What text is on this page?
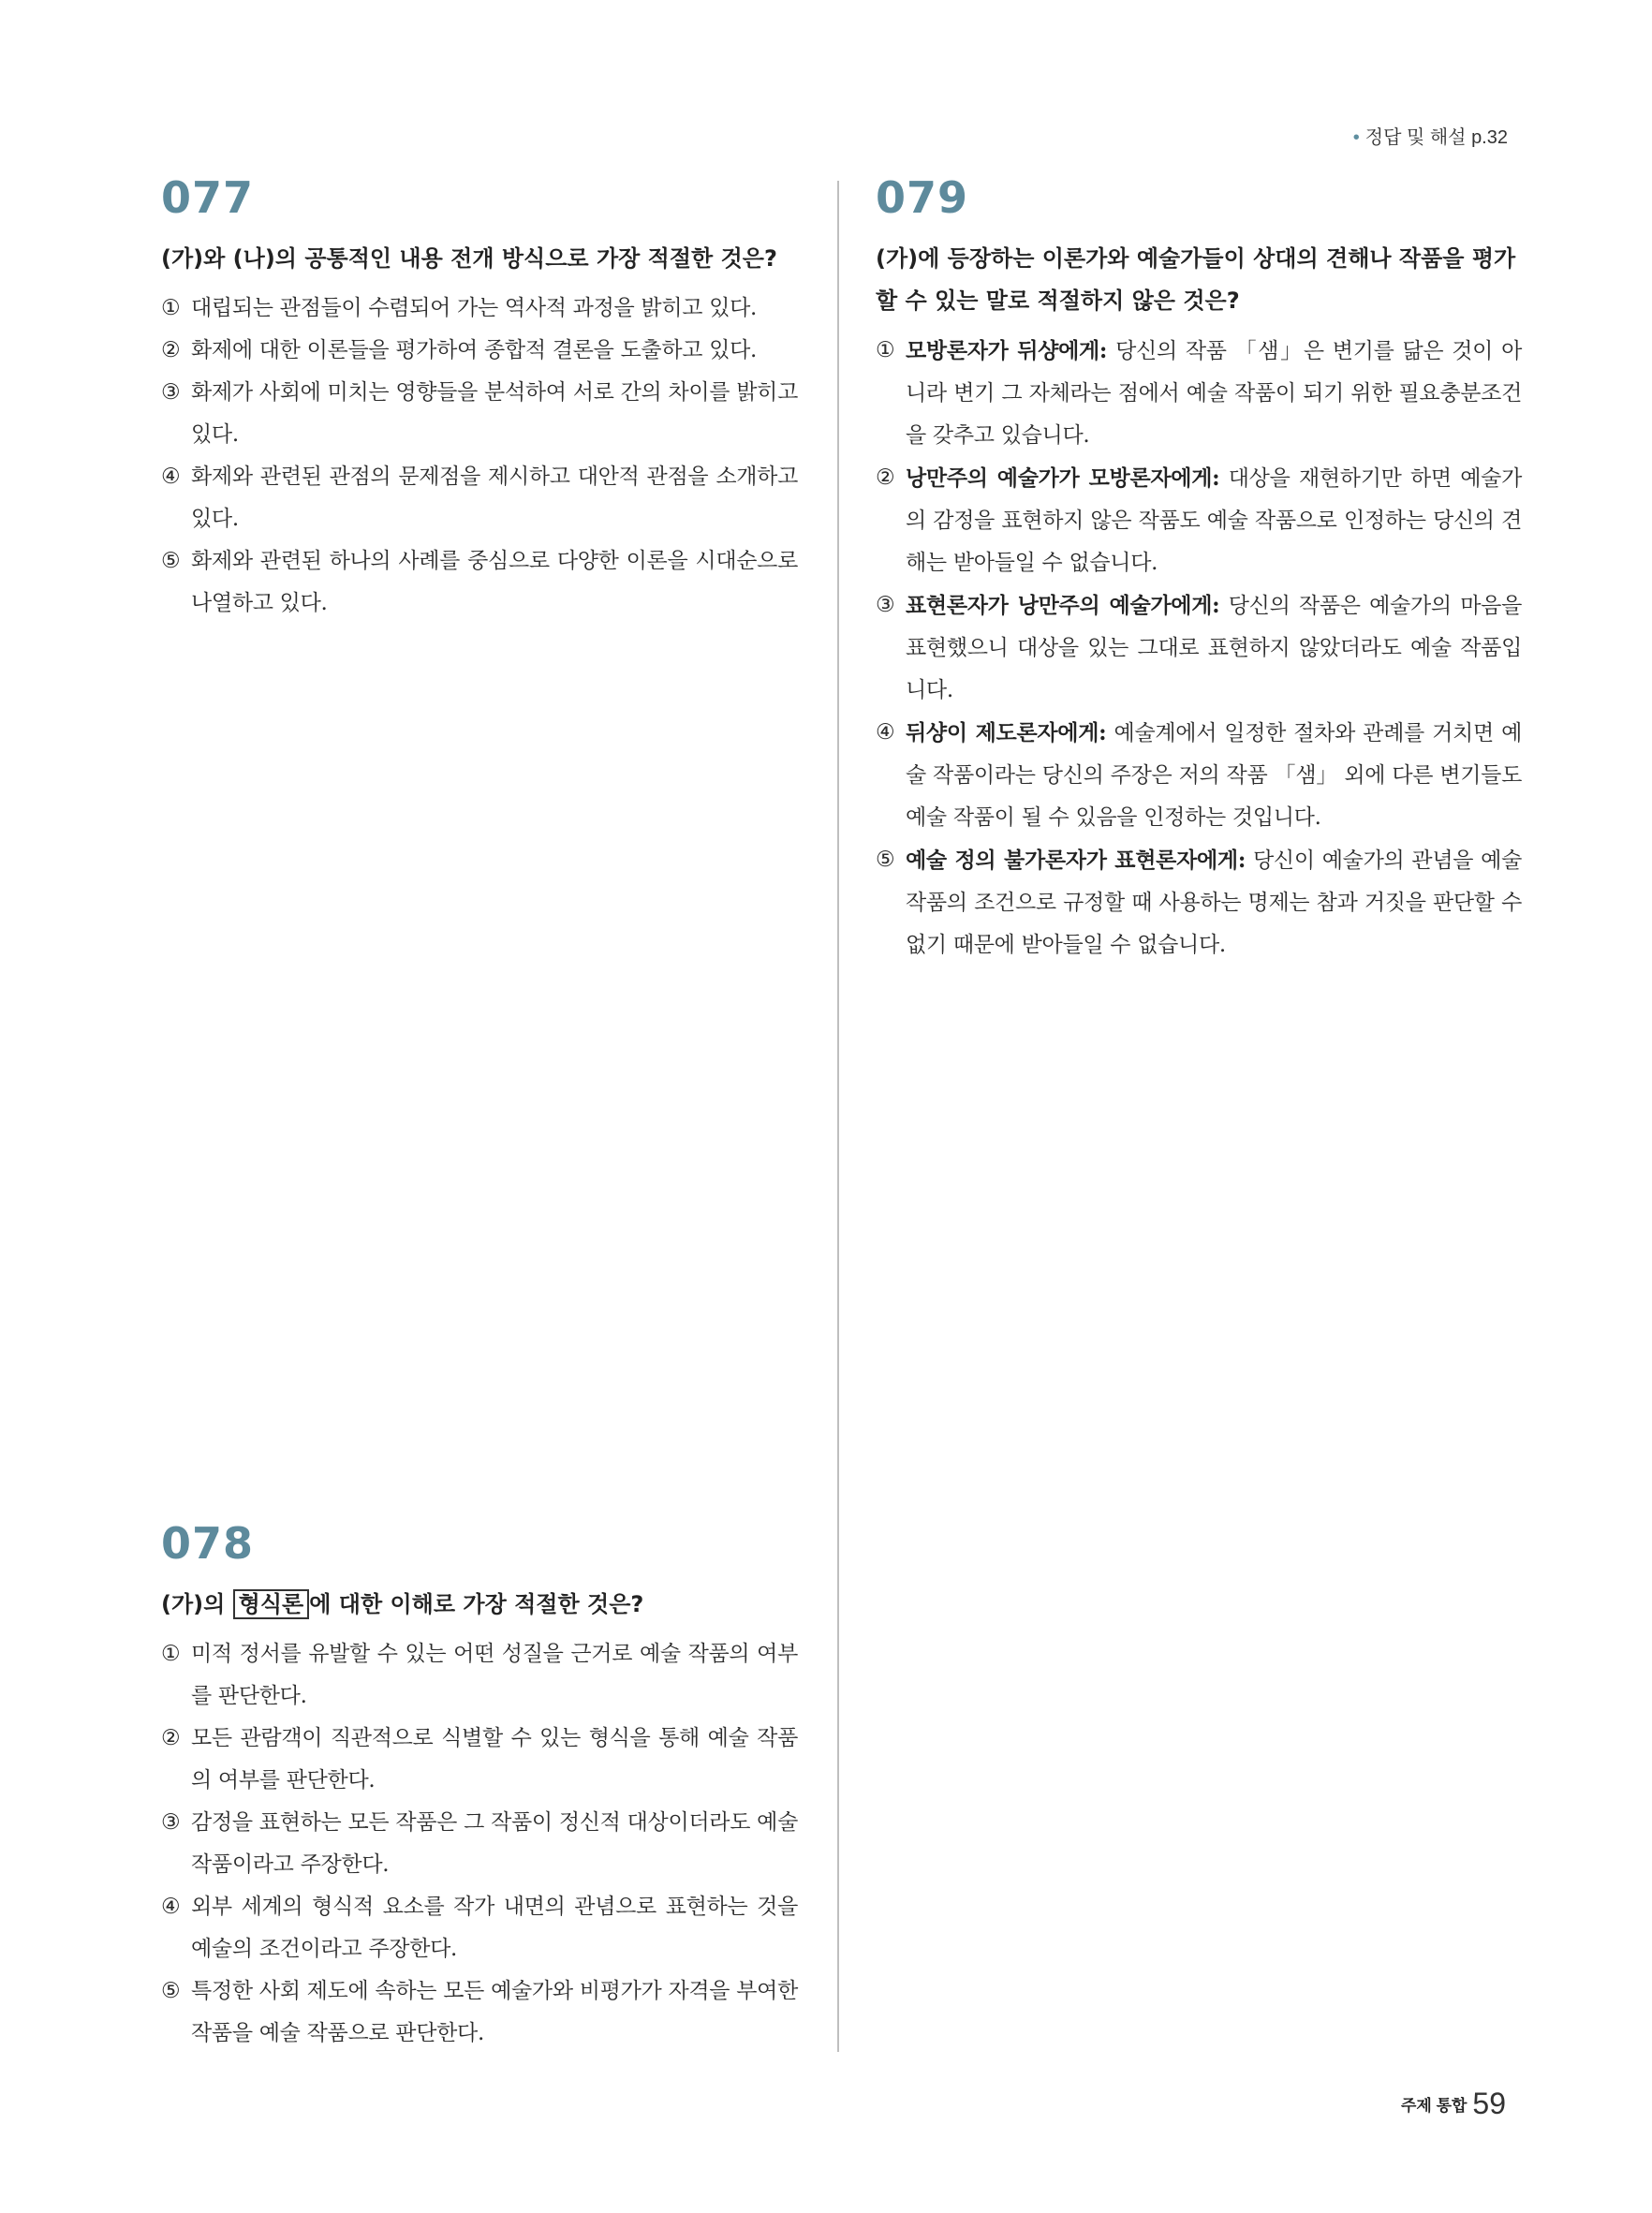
• 정답 및 해설 p.32
077
(가)와 (나)의 공통적인 내용 전개 방식으로 가장 적절한 것은?
① 대립되는 관점들이 수렴되어 가는 역사적 과정을 밝히고 있다.
② 화제에 대한 이론들을 평가하여 종합적 결론을 도출하고 있다.
③ 화제가 사회에 미치는 영향들을 분석하여 서로 간의 차이를 밝히고 있다.
④ 화제와 관련된 관점의 문제점을 제시하고 대안적 관점을 소개하고 있다.
⑤ 화제와 관련된 하나의 사례를 중심으로 다양한 이론을 시대순으로 나열하고 있다.
078
(가)의 형식론 에 대한 이해로 가장 적절한 것은?
① 미적 정서를 유발할 수 있는 어떤 성질을 근거로 예술 작품의 여부를 판단한다.
② 모든 관람객이 직관적으로 식별할 수 있는 형식을 통해 예술 작품의 여부를 판단한다.
③ 감정을 표현하는 모든 작품은 그 작품이 정신적 대상이더라도 예술 작품이라고 주장한다.
④ 외부 세계의 형식적 요소를 작가 내면의 관념으로 표현하는 것을 예술의 조건이라고 주장한다.
⑤ 특정한 사회 제도에 속하는 모든 예술가와 비평가가 자격을 부여한 작품을 예술 작품으로 판단한다.
079
(가)에 등장하는 이론가와 예술가들이 상대의 견해나 작품을 평가할 수 있는 말로 적절하지 않은 것은?
① 모방론자가 뒤샹에게: 당신의 작품 「샘」은 변기를 닮은 것이 아니라 변기 그 자체라는 점에서 예술 작품이 되기 위한 필요충분조건을 갖추고 있습니다.
② 낭만주의 예술가가 모방론자에게: 대상을 재현하기만 하면 예술가의 감정을 표현하지 않은 작품도 예술 작품으로 인정하는 당신의 견해는 받아들일 수 없습니다.
③ 표현론자가 낭만주의 예술가에게: 당신의 작품은 예술가의 마음을 표현했으니 대상을 있는 그대로 표현하지 않았더라도 예술 작품입니다.
④ 뒤샹이 제도론자에게: 예술계에서 일정한 절차와 관례를 거치면 예술 작품이라는 당신의 주장은 저의 작품 「샘」 외에 다른 변기들도 예술 작품이 될 수 있음을 인정하는 것입니다.
⑤ 예술 정의 불가론자가 표현론자에게: 당신이 예술가의 관념을 예술 작품의 조건으로 규정할 때 사용하는 명제는 참과 거짓을 판단할 수 없기 때문에 받아들일 수 없습니다.
주제 통합 59
